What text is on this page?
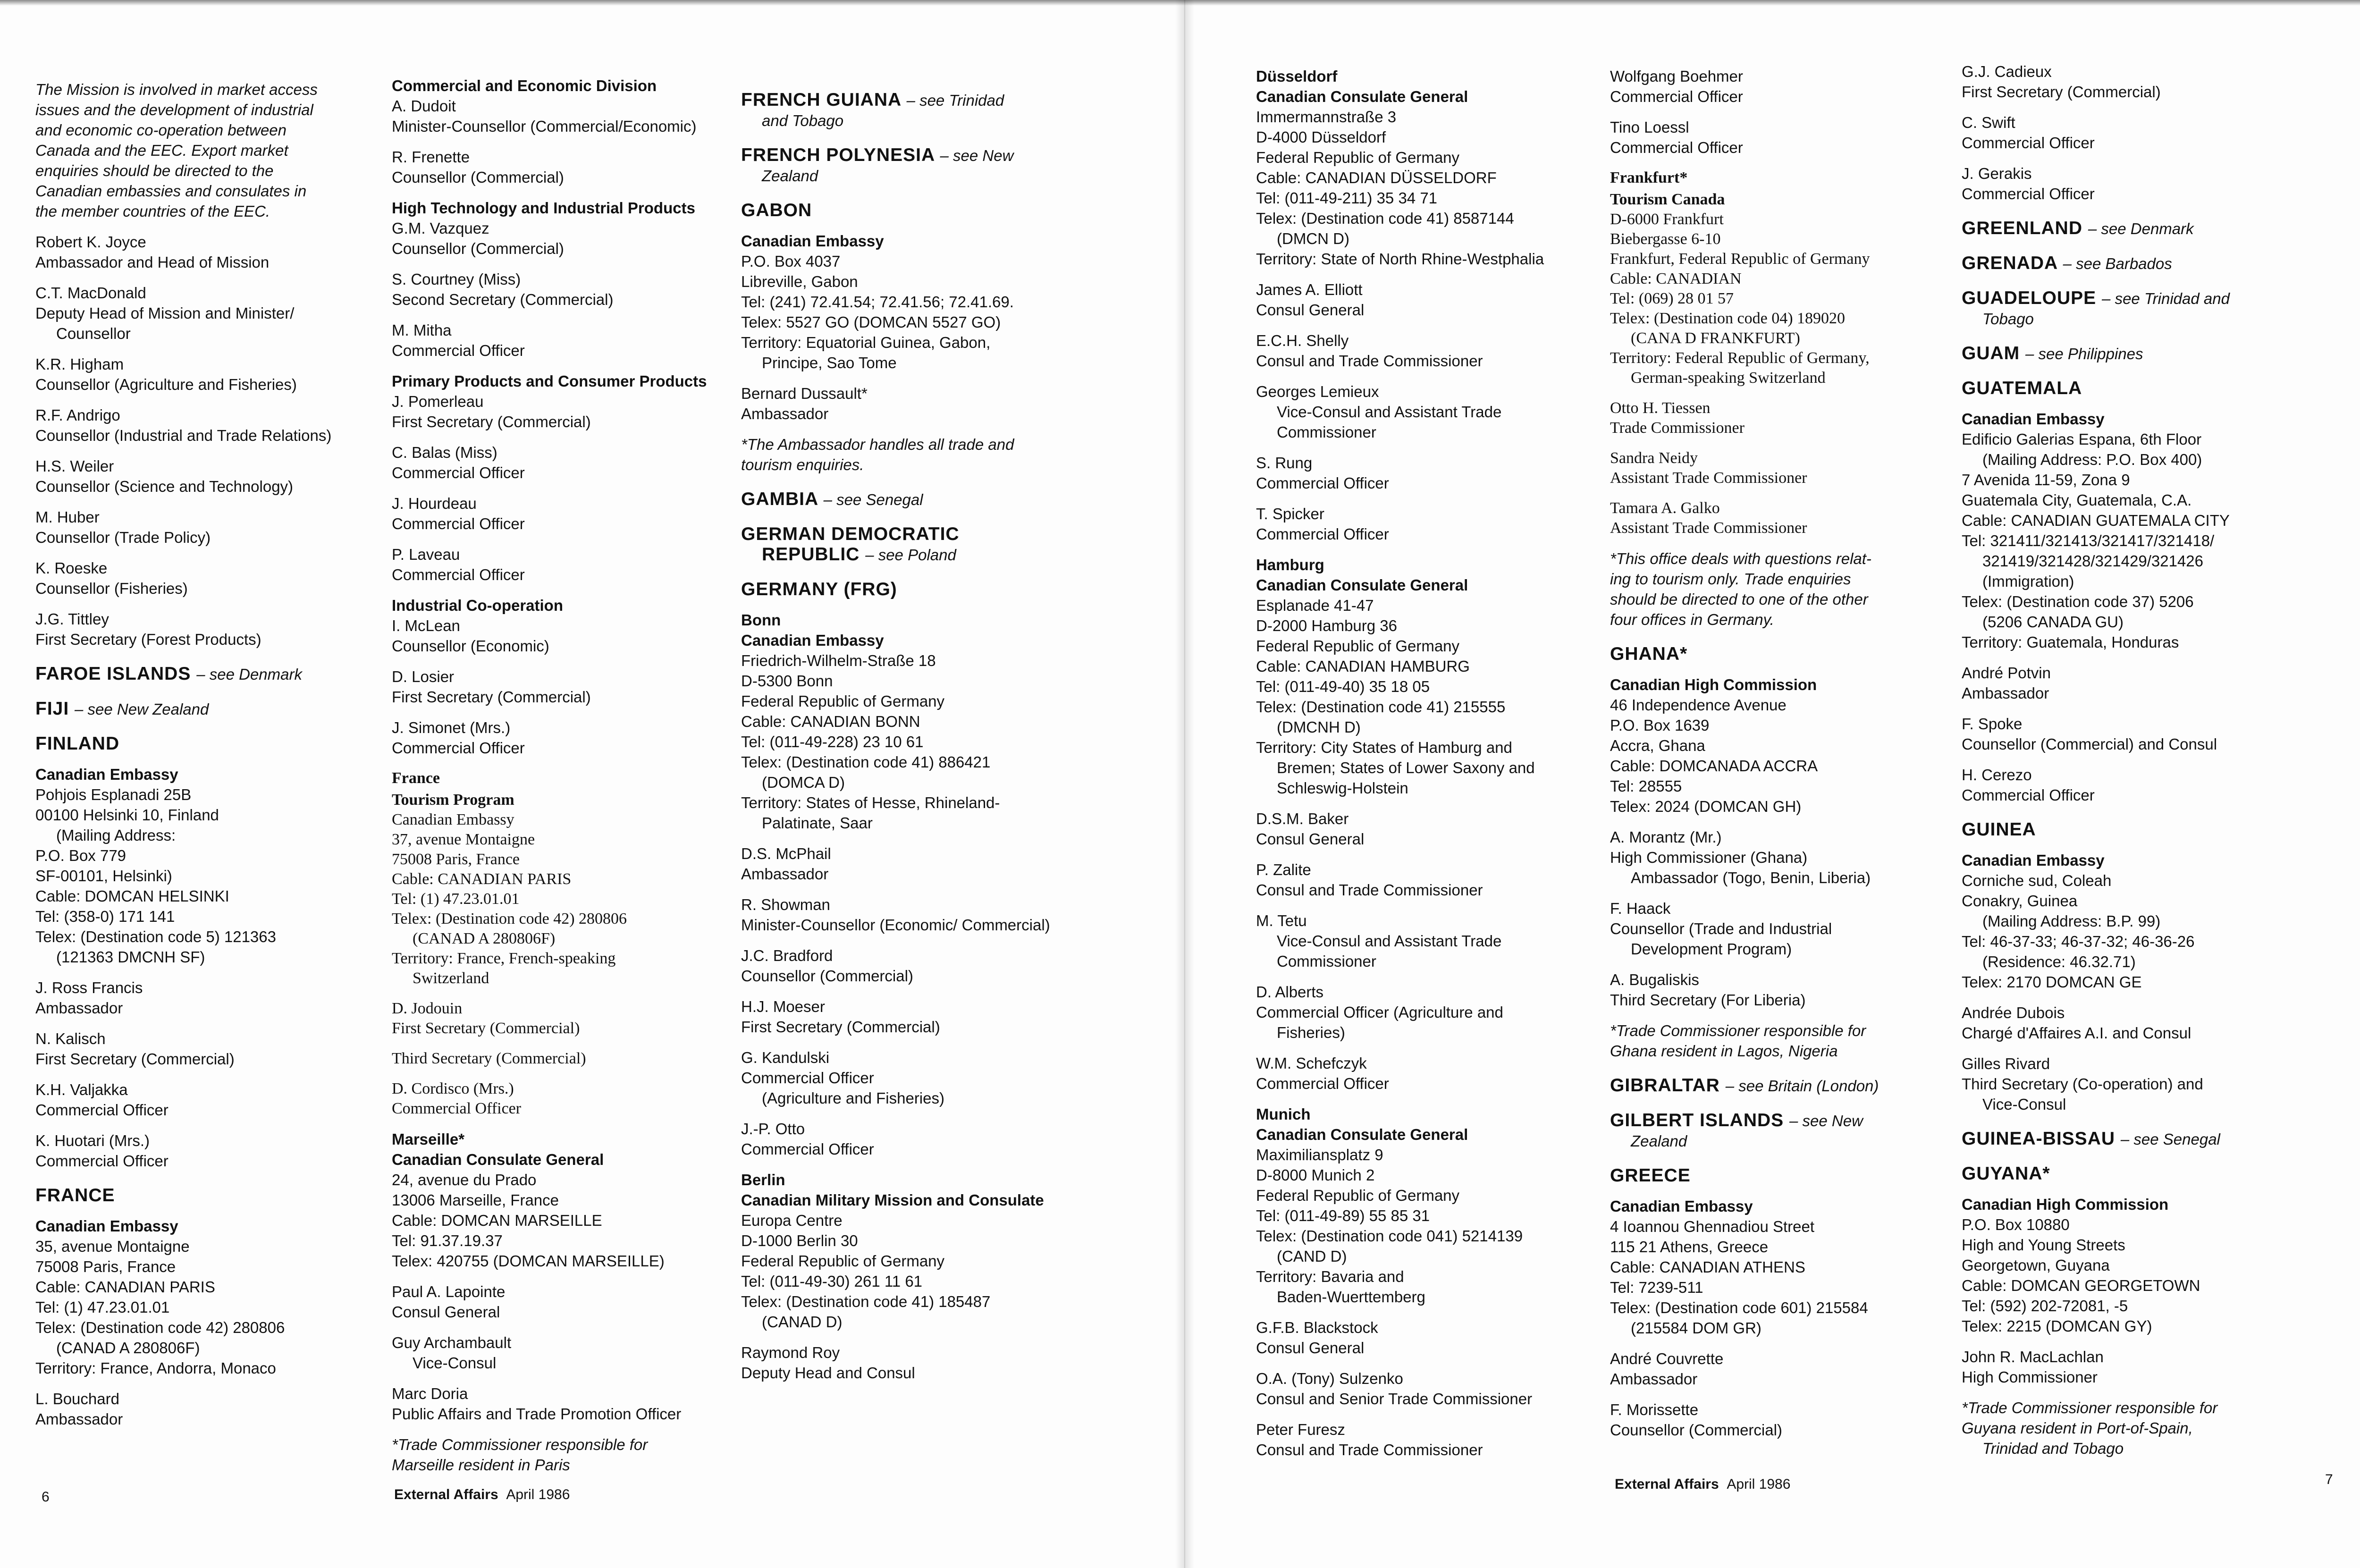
The Mission is involved in market access
issues and the development of industrial
and economic co-operation between
Canada and the EEC. Export market
enquiries should be directed to the
Canadian embassies and consulates in
the member countries of the EEC.
Robert K. Joyce
Ambassador and Head of Mission
C.T. MacDonald
Deputy Head of Mission and Minister/
Counsellor
K.R. Higham
Counsellor (Agriculture and Fisheries)
R.F. Andrigo
Counsellor (Industrial and Trade Relations)
H.S. Weiler
Counsellor (Science and Technology)
M. Huber
Counsellor (Trade Policy)
K. Roeske
Counsellor (Fisheries)
J.G. Tittley
First Secretary (Forest Products)
FAROE ISLANDS – see Denmark
FIJI – see New Zealand
FINLAND
Canadian Embassy
Pohjois Esplanadi 25B
00100 Helsinki 10, Finland
(Mailing Address:
P.O. Box 779
SF-00101, Helsinki)
Cable: DOMCAN HELSINKI
Tel: (358-0) 171 141
Telex: (Destination code 5) 121363
(121363 DMCNH SF)
J. Ross Francis
Ambassador
N. Kalisch
First Secretary (Commercial)
K.H. Valjakka
Commercial Officer
K. Huotari (Mrs.)
Commercial Officer
FRANCE
Canadian Embassy
35, avenue Montaigne
75008 Paris, France
Cable: CANADIAN PARIS
Tel: (1) 47.23.01.01
Telex: (Destination code 42) 280806
(CANAD A 280806F)
Territory: France, Andorra, Monaco
L. Bouchard
Ambassador
Commercial and Economic Division
A. Dudoit
Minister-Counsellor (Commercial/Economic)
R. Frenette
Counsellor (Commercial)
High Technology and Industrial Products
G.M. Vazquez
Counsellor (Commercial)
S. Courtney (Miss)
Second Secretary (Commercial)
M. Mitha
Commercial Officer
Primary Products and Consumer Products
J. Pomerleau
First Secretary (Commercial)
C. Balas (Miss)
Commercial Officer
J. Hourdeau
Commercial Officer
P. Laveau
Commercial Officer
Industrial Co-operation
I. McLean
Counsellor (Economic)
D. Losier
First Secretary (Commercial)
J. Simonet (Mrs.)
Commercial Officer
France
Tourism Program
Canadian Embassy
37, avenue Montaigne
75008 Paris, France
Cable: CANADIAN PARIS
Tel: (1) 47.23.01.01
Telex: (Destination code 42) 280806
(CANAD A 280806F)
Territory: France, French-speaking
Switzerland
D. Jodouin
First Secretary (Commercial)
Third Secretary (Commercial)
D. Cordisco (Mrs.)
Commercial Officer
Marseille*
Canadian Consulate General
24, avenue du Prado
13006 Marseille, France
Cable: DOMCAN MARSEILLE
Tel: 91.37.19.37
Telex: 420755 (DOMCAN MARSEILLE)
Paul A. Lapointe
Consul General
Guy Archambault
Vice-Consul
Marc Doria
Public Affairs and Trade Promotion Officer
*Trade Commissioner responsible for
Marseille resident in Paris
FRENCH GUIANA – see Trinidad
and Tobago
FRENCH POLYNESIA – see New
Zealand
GABON
Canadian Embassy
P.O. Box 4037
Libreville, Gabon
Tel: (241) 72.41.54; 72.41.56; 72.41.69.
Telex: 5527 GO (DOMCAN 5527 GO)
Territory: Equatorial Guinea, Gabon,
Principe, Sao Tome
Bernard Dussault*
Ambassador
*The Ambassador handles all trade and
tourism enquiries.
GAMBIA – see Senegal
GERMAN DEMOCRATIC
REPUBLIC – see Poland
GERMANY (FRG)
Bonn
Canadian Embassy
Friedrich-Wilhelm-Straße 18
D-5300 Bonn
Federal Republic of Germany
Cable: CANADIAN BONN
Tel: (011-49-228) 23 10 61
Telex: (Destination code 41) 886421
(DOMCA D)
Territory: States of Hesse, Rhineland-
Palatinate, Saar
D.S. McPhail
Ambassador
R. Showman
Minister-Counsellor (Economic/ Commercial)
J.C. Bradford
Counsellor (Commercial)
H.J. Moeser
First Secretary (Commercial)
G. Kandulski
Commercial Officer
(Agriculture and Fisheries)
J.-P. Otto
Commercial Officer
Berlin
Canadian Military Mission and Consulate
Europa Centre
D-1000 Berlin 30
Federal Republic of Germany
Tel: (011-49-30) 261 11 61
Telex: (Destination code 41) 185487
(CANAD D)
Raymond Roy
Deputy Head and Consul
6	External Affairs April 1986
Düsseldorf
Canadian Consulate General
Immermannstraße 3
D-4000 Düsseldorf
Federal Republic of Germany
Cable: CANADIAN DÜSSELDORF
Tel: (011-49-211) 35 34 71
Telex: (Destination code 41) 8587144
(DMCN D)
Territory: State of North Rhine-Westphalia
James A. Elliott
Consul General
E.C.H. Shelly
Consul and Trade Commissioner
Georges Lemieux
Vice-Consul and Assistant Trade
Commissioner
S. Rung
Commercial Officer
T. Spicker
Commercial Officer
Hamburg
Canadian Consulate General
Esplanade 41-47
D-2000 Hamburg 36
Federal Republic of Germany
Cable: CANADIAN HAMBURG
Tel: (011-49-40) 35 18 05
Telex: (Destination code 41) 215555
(DMCNH D)
Territory: City States of Hamburg and
Bremen; States of Lower Saxony and
Schleswig-Holstein
D.S.M. Baker
Consul General
P. Zalite
Consul and Trade Commissioner
M. Tetu
Vice-Consul and Assistant Trade
Commissioner
D. Alberts
Commercial Officer (Agriculture and
Fisheries)
W.M. Schefczyk
Commercial Officer
Munich
Canadian Consulate General
Maximiliansplatz 9
D-8000 Munich 2
Federal Republic of Germany
Tel: (011-49-89) 55 85 31
Telex: (Destination code 041) 5214139
(CAND D)
Territory: Bavaria and
Baden-Wuerttemberg
G.F.B. Blackstock
Consul General
O.A. (Tony) Sulzenko
Consul and Senior Trade Commissioner
Peter Furesz
Consul and Trade Commissioner
Wolfgang Boehmer
Commercial Officer
Tino Loessl
Commercial Officer
Frankfurt*
Tourism Canada
D-6000 Frankfurt
Biebergasse 6-10
Frankfurt, Federal Republic of Germany
Cable: CANADIAN
Tel: (069) 28 01 57
Telex: (Destination code 04) 189020
(CANA D FRANKFURT)
Territory: Federal Republic of Germany,
German-speaking Switzerland
Otto H. Tiessen
Trade Commissioner
Sandra Neidy
Assistant Trade Commissioner
Tamara A. Galko
Assistant Trade Commissioner
*This office deals with questions relat-
ing to tourism only. Trade enquiries
should be directed to one of the other
four offices in Germany.
GHANA*
Canadian High Commission
46 Independence Avenue
P.O. Box 1639
Accra, Ghana
Cable: DOMCANADA ACCRA
Tel: 28555
Telex: 2024 (DOMCAN GH)
A. Morantz (Mr.)
High Commissioner (Ghana)
Ambassador (Togo, Benin, Liberia)
F. Haack
Counsellor (Trade and Industrial
Development Program)
A. Bugaliskis
Third Secretary (For Liberia)
*Trade Commissioner responsible for
Ghana resident in Lagos, Nigeria
GIBRALTAR – see Britain (London)
GILBERT ISLANDS – see New
Zealand
GREECE
Canadian Embassy
4 Ioannou Ghennadiou Street
115 21 Athens, Greece
Cable: CANADIAN ATHENS
Tel: 7239-511
Telex: (Destination code 601) 215584
(215584 DOM GR)
André Couvrette
Ambassador
F. Morissette
Counsellor (Commercial)
G.J. Cadieux
First Secretary (Commercial)
C. Swift
Commercial Officer
J. Gerakis
Commercial Officer
GREENLAND – see Denmark
GRENADA – see Barbados
GUADELOUPE – see Trinidad and
Tobago
GUAM – see Philippines
GUATEMALA
Canadian Embassy
Edificio Galerias Espana, 6th Floor
(Mailing Address: P.O. Box 400)
7 Avenida 11-59, Zona 9
Guatemala City, Guatemala, C.A.
Cable: CANADIAN GUATEMALA CITY
Tel: 321411/321413/321417/321418/
321419/321428/321429/321426
(Immigration)
Telex: (Destination code 37) 5206
(5206 CANADA GU)
Territory: Guatemala, Honduras
André Potvin
Ambassador
F. Spoke
Counsellor (Commercial) and Consul
H. Cerezo
Commercial Officer
GUINEA
Canadian Embassy
Corniche sud, Coleah
Conakry, Guinea
(Mailing Address: B.P. 99)
Tel: 46-37-33; 46-37-32; 46-36-26
(Residence: 46.32.71)
Telex: 2170 DOMCAN GE
Andrée Dubois
Chargé d'Affaires A.I. and Consul
Gilles Rivard
Third Secretary (Co-operation) and
Vice-Consul
GUINEA-BISSAU – see Senegal
GUYANA*
Canadian High Commission
P.O. Box 10880
High and Young Streets
Georgetown, Guyana
Cable: DOMCAN GEORGETOWN
Tel: (592) 202-72081, -5
Telex: 2215 (DOMCAN GY)
John R. MacLachlan
High Commissioner
*Trade Commissioner responsible for
Guyana resident in Port-of-Spain,
Trinidad and Tobago
7
External Affairs April 1986
